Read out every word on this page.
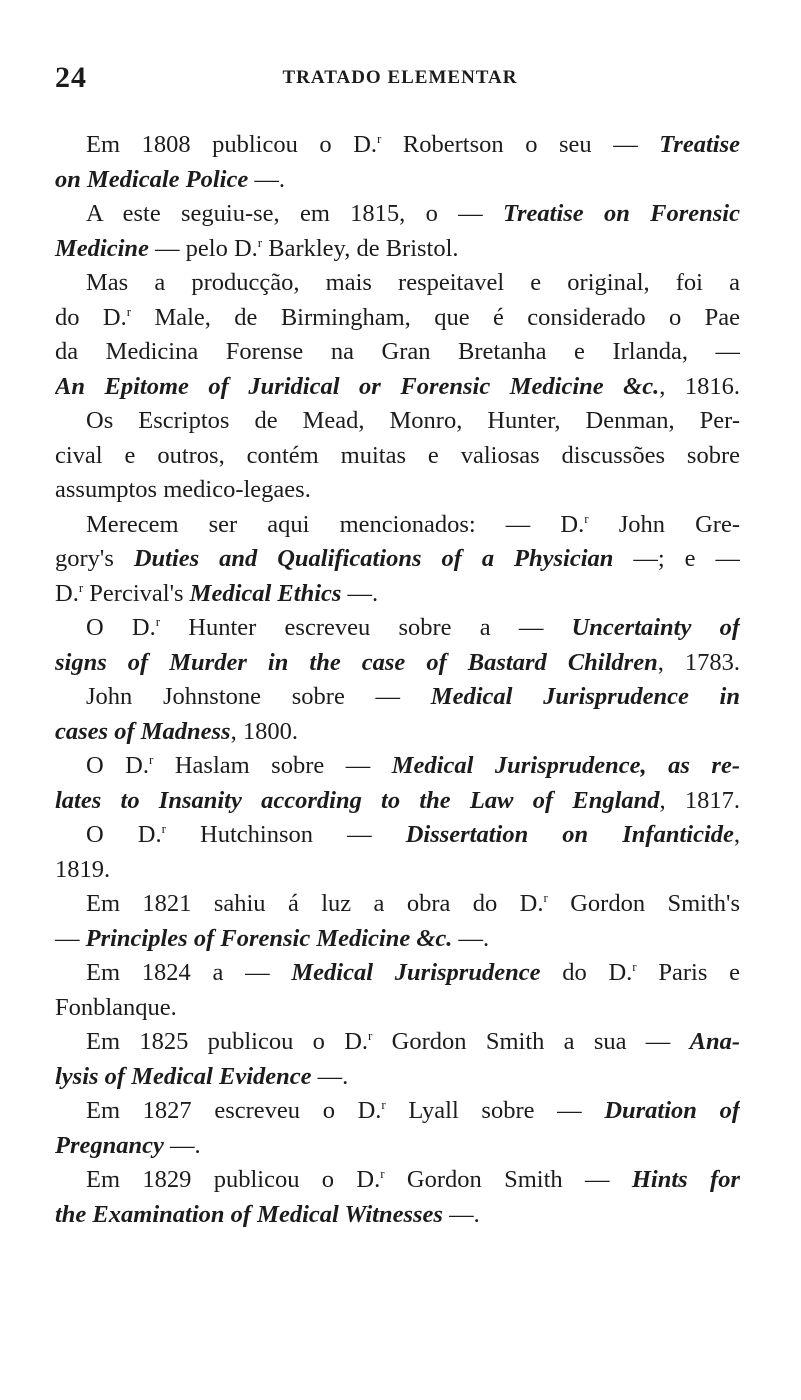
24	TRATADO ELEMENTAR
Em 1808 publicou o D.$^r$ Robertson o seu — Treatise
on Medicale Police —.
A este seguiu-se, em 1815, o — Treatise on Forensic
Medicine — pelo D.$^r$ Barkley, de Bristol.
Mas a producção, mais respeitavel e original, foi a
do D.$^r$ Male, de Birmingham, que é considerado o Pae
da Medicina Forense na Gran Bretanha e Irlanda, —
An Epitome of Juridical or Forensic Medicine &c., 1816.
Os Escriptos de Mead, Monro, Hunter, Denman, Per-
cival e outros, contém muitas e valiosas discussões sobre
assumptos medico-legaes.
Merecem ser aqui mencionados: — D.$^r$ John Gre-
gory's Duties and Qualifications of a Physician —; e —
D.$^r$ Percival's Medical Ethics —.
O D.$^r$ Hunter escreveu sobre a — Uncertainty of
signs of Murder in the case of Bastard Children, 1783.
John Johnstone sobre — Medical Jurisprudence in
cases of Madness, 1800.
O D.$^r$ Haslam sobre — Medical Jurisprudence, as re-
lates to Insanity according to the Law of England, 1817.
O D.$^r$ Hutchinson — Dissertation on Infanticide,
1819.
Em 1821 sahiu á luz a obra do D.$^r$ Gordon Smith's
— Principles of Forensic Medicine &c. —.
Em 1824 a — Medical Jurisprudence do D.$^r$ Paris e
Fonblanque.
Em 1825 publicou o D.$^r$ Gordon Smith a sua — Ana-
lysis of Medical Evidence —.
Em 1827 escreveu o D.$^r$ Lyall sobre — Duration of
Pregnancy —.
Em 1829 publicou o D.$^r$ Gordon Smith — Hints for
the Examination of Medical Witnesses —.
